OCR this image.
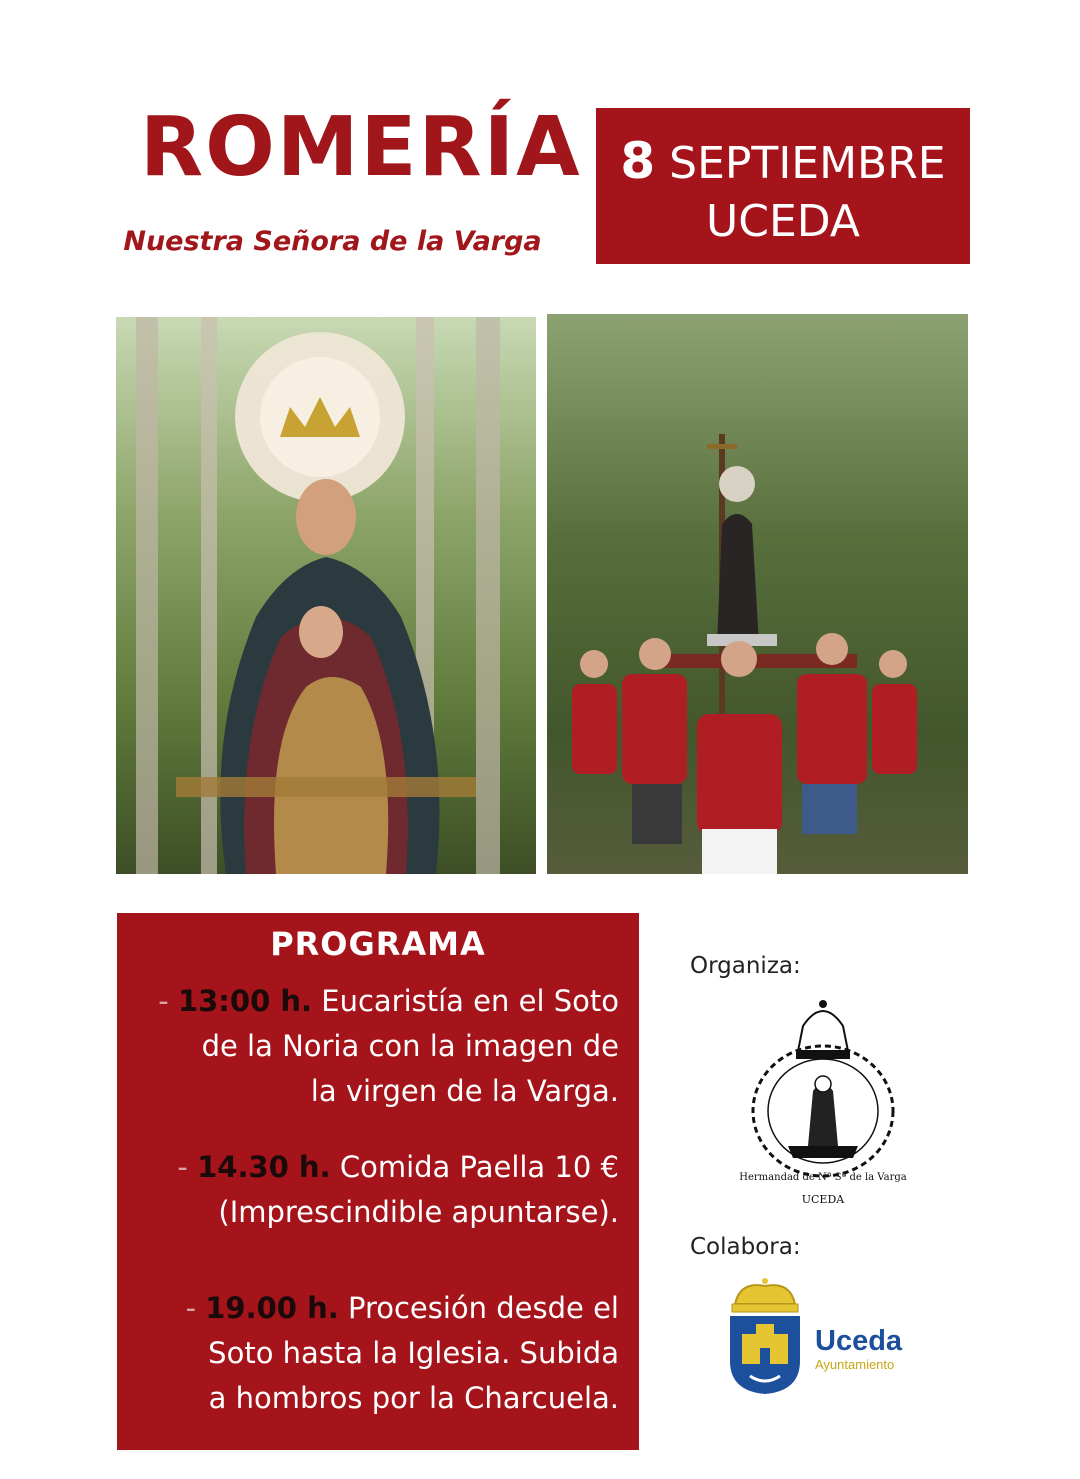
ROMERÍA
Nuestra Señora de la Varga
8 SEPTIEMBRE
UCEDA
PROGRAMA
- 13:00 h. Eucaristía en el Soto
de la Noria con la imagen de
la virgen de la Varga.
- 14.30 h. Comida Paella 10 €
(Imprescindible apuntarse).
- 19.00 h. Procesión desde el
Soto hasta la Iglesia. Subida
a hombros por la Charcuela.
Organiza:
Hermandad de Nª Sª de la Varga
UCEDA
Colabora:
Uceda
Ayuntamiento
